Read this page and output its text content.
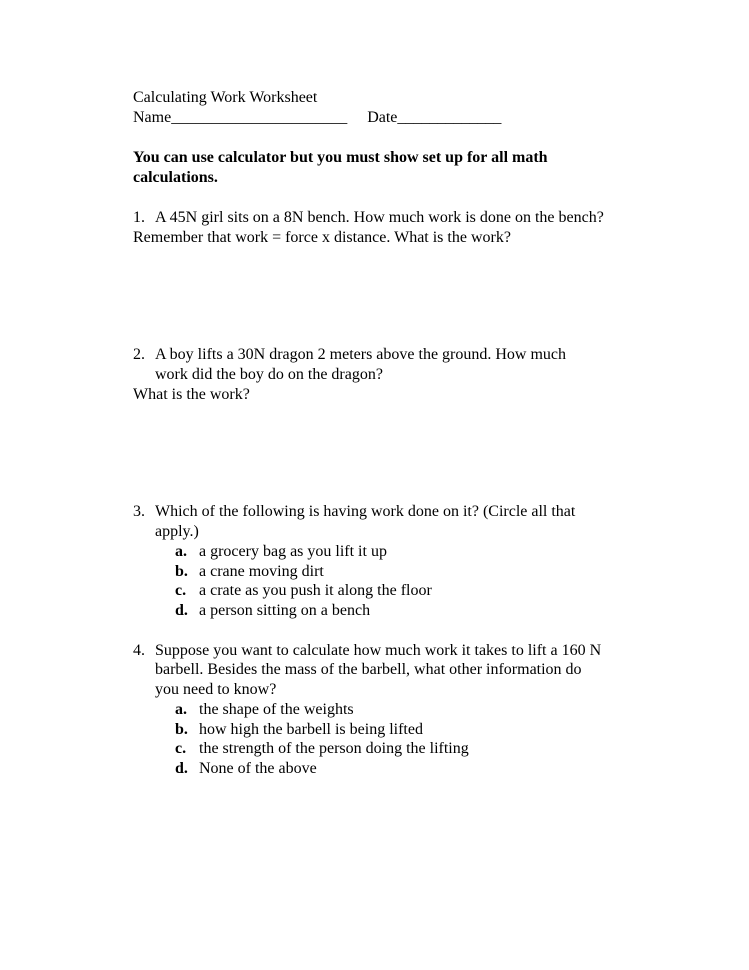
Calculating Work Worksheet
Name______________________ Date_____________
You can use calculator but you must show set up for all math
calculations.
1. A 45N girl sits on a 8N bench. How much work is done on the bench?
Remember that work = force x distance. What is the work?
2. A boy lifts a 30N dragon 2 meters above the ground. How much
work did the boy do on the dragon?
What is the work?
3. Which of the following is having work done on it? (Circle all that
apply.)
a. a grocery bag as you lift it up
b. a crane moving dirt
c. a crate as you push it along the floor
d. a person sitting on a bench
4. Suppose you want to calculate how much work it takes to lift a 160 N
barbell. Besides the mass of the barbell, what other information do
you need to know?
a. the shape of the weights
b. how high the barbell is being lifted
c. the strength of the person doing the lifting
d. None of the above
